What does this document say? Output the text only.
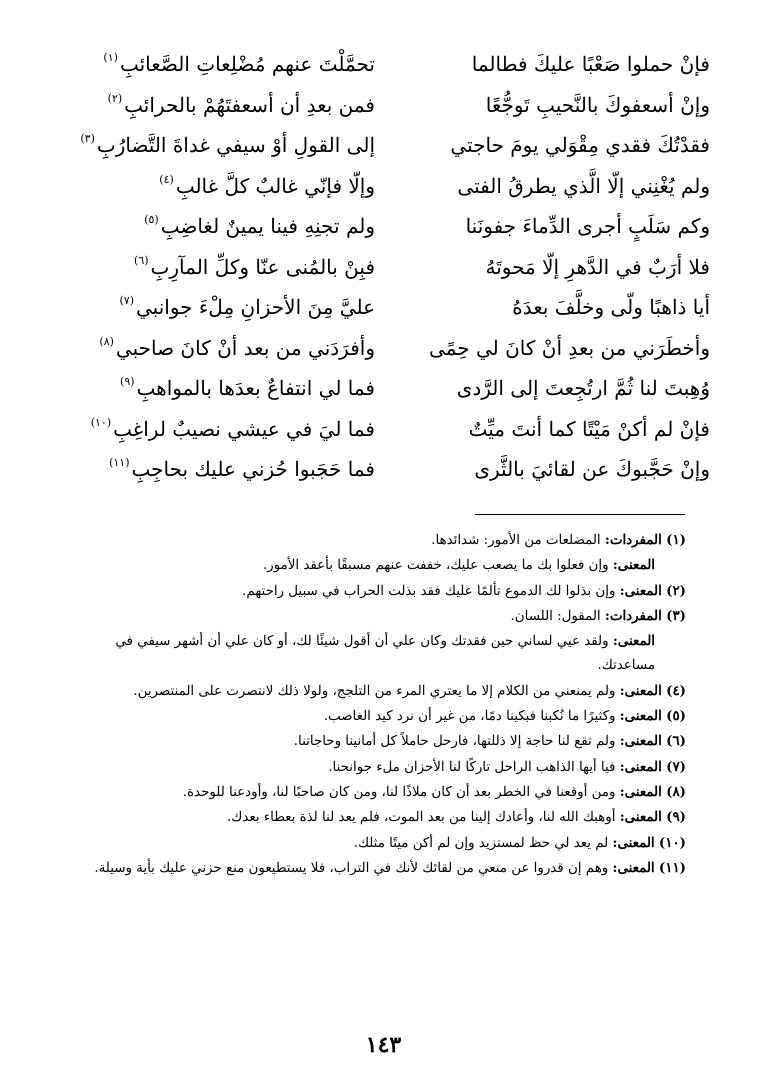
فإنْ حملوا صَعْبًا عليكَ فطالما
تحمَّلْتَ عنهم مُضْلِعاتِ الصَّعائبِ$^{(١)}$
وإنْ أسعفوكَ بالنَّحيبِ تَوجُّعًا
فمن بعدِ أن أسعفتَهُمْ بالحرائبِ$^{(٢)}$
فقدْتُكَ فقدي مِقْوَلي يومَ حاجتي
إلى القولِ أوْ سيفي غداةَ التَّضارُبِ$^{(٣)}$
ولم يُغْنِني إلّا الَّذي يطرقُ الفتى
وإلّا فإنّي غالبٌ كلَّ غالبِ$^{(٤)}$
وكم سَلَبٍ أجرى الدِّماءَ جفونَنا
ولم تجنِهِ فينا يمينٌ لغاضِبِ$^{(٥)}$
فلا أرَبٌ في الدَّهرِ إلّا مَحوتَهُ
فبِنْ بالمُنى عنّا وكلِّ المآرِبِ$^{(٦)}$
أيا ذاهبًا ولّى وخلَّفَ بعدَهُ
عليَّ مِنَ الأحزانِ مِلْءَ جوانبي$^{(٧)}$
وأخطَرَني من بعدِ أنْ كانَ لي حِمًى
وأفرَدَني من بعد أنْ كانَ صاحبي$^{(٨)}$
وُهِبتَ لنا ثُمَّ ارتُجِعتَ إلى الرَّدى
فما لي انتفاعٌ بعدَها بالمواهبِ$^{(٩)}$
فإنْ لم أكنْ مَيْتًا كما أنتَ ميِّتٌ
فما ليَ في عيشي نصيبٌ لراغِبِ$^{(١٠)}$
وإنْ حَجَّبوكَ عن لقائيَ بالثَّرى
فما حَجَبوا حُزني عليك بحاجِبِ$^{(١١)}$

(١) المفردات: المضلعات من الأمور: شدائدها.

المعنى: وإن فعلوا بك ما يصعب عليك، خففت عنهم مسبقًا بأعقد الأمور.

(٢) المعنى: وإن بذلوا لك الدموع تألمًا عليك فقد بذلت الحراب في سبيل راحتهم.

(٣) المفردات: المقول: اللسان.

المعنى: ولقد عيي لساني حين فقدتك وكان علي أن أقول شيئًا لك، أو كان علي أن أشهر سيفي في مساعدتك.

(٤) المعنى: ولم يمنعني من الكلام إلا ما يعتري المرء من التلجج، ولولا ذلك لانتصرت على المنتصرين.

(٥) المعنى: وكثيرًا ما نُكبنا فبكينا دمًا، من غير أن نرد كيد الغاصب.

(٦) المعنى: ولم تقع لنا حاجة إلا ذللتها، فارحل حاملاً كل أمانينا وحاجاتنا.

(٧) المعنى: فيا أيها الذاهب الراحل تاركًا لنا الأحزان ملء جوانحنا.

(٨) المعنى: ومن أوقعنا في الخطر بعد أن كان ملاذًا لنا، ومن كان صاحبًا لنا، وأودعنا للوحدة.

(٩) المعنى: أوهبك الله لنا، وأعادك إلينا من بعد الموت، فلم يعد لنا لذة بعطاء بعدك.

(١٠) المعنى: لم يعد لي حظ لمستزيد وإن لم أكن ميتًا مثلك.

(١١) المعنى: وهم إن قدروا عن منعي من لقائك لأنك في التراب، فلا يستطيعون منع حزني عليك بأية وسيلة.

١٤٣
